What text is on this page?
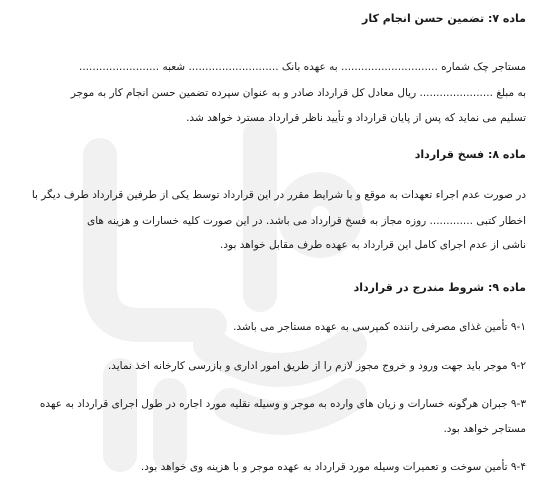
ماده ۷: تضمین حسن انجام کار
مستاجر چک شماره ............................. به عهده بانک ........................... شعبه ........................
به مبلغ ...................... ریال معادل کل قرارداد صادر و به عنوان سپرده تضمین حسن انجام کار به موجر
تسلیم می نماید که پس از پایان قرارداد و تأیید ناظر قرارداد مسترد خواهد شد.
ماده ۸: فسخ قرارداد
در صورت عدم اجراء تعهدات به موقع و با شرایط مقرر در این قرارداد توسط یکی از طرفین قرارداد طرف دیگر با
اخطار کتبی ............. روزه مجاز به فسخ قرارداد می باشد. در این صورت کلیه خسارات و هزینه های
ناشی از عدم اجرای کامل این قرارداد به عهده طرف مقابل خواهد بود.
ماده ۹: شروط مندرج در قرارداد
۹-۱ تأمین غذای مصرفی راننده کمپرسی به عهده مستاجر می باشد.
۹-۲ موجر باید جهت ورود و خروج مجوز لازم را از طریق امور اداری و بازرسی کارخانه اخذ نماید.
۹-۳ جبران هرگونه خسارات و زیان های وارده به موجر و وسیله نقلیه مورد اجاره در طول اجرای قرارداد به عهده
مستاجر خواهد بود.
۹-۴ تأمین سوخت و تعمیرات وسیله مورد قرارداد به عهده موجر و با هزینه وی خواهد بود.
